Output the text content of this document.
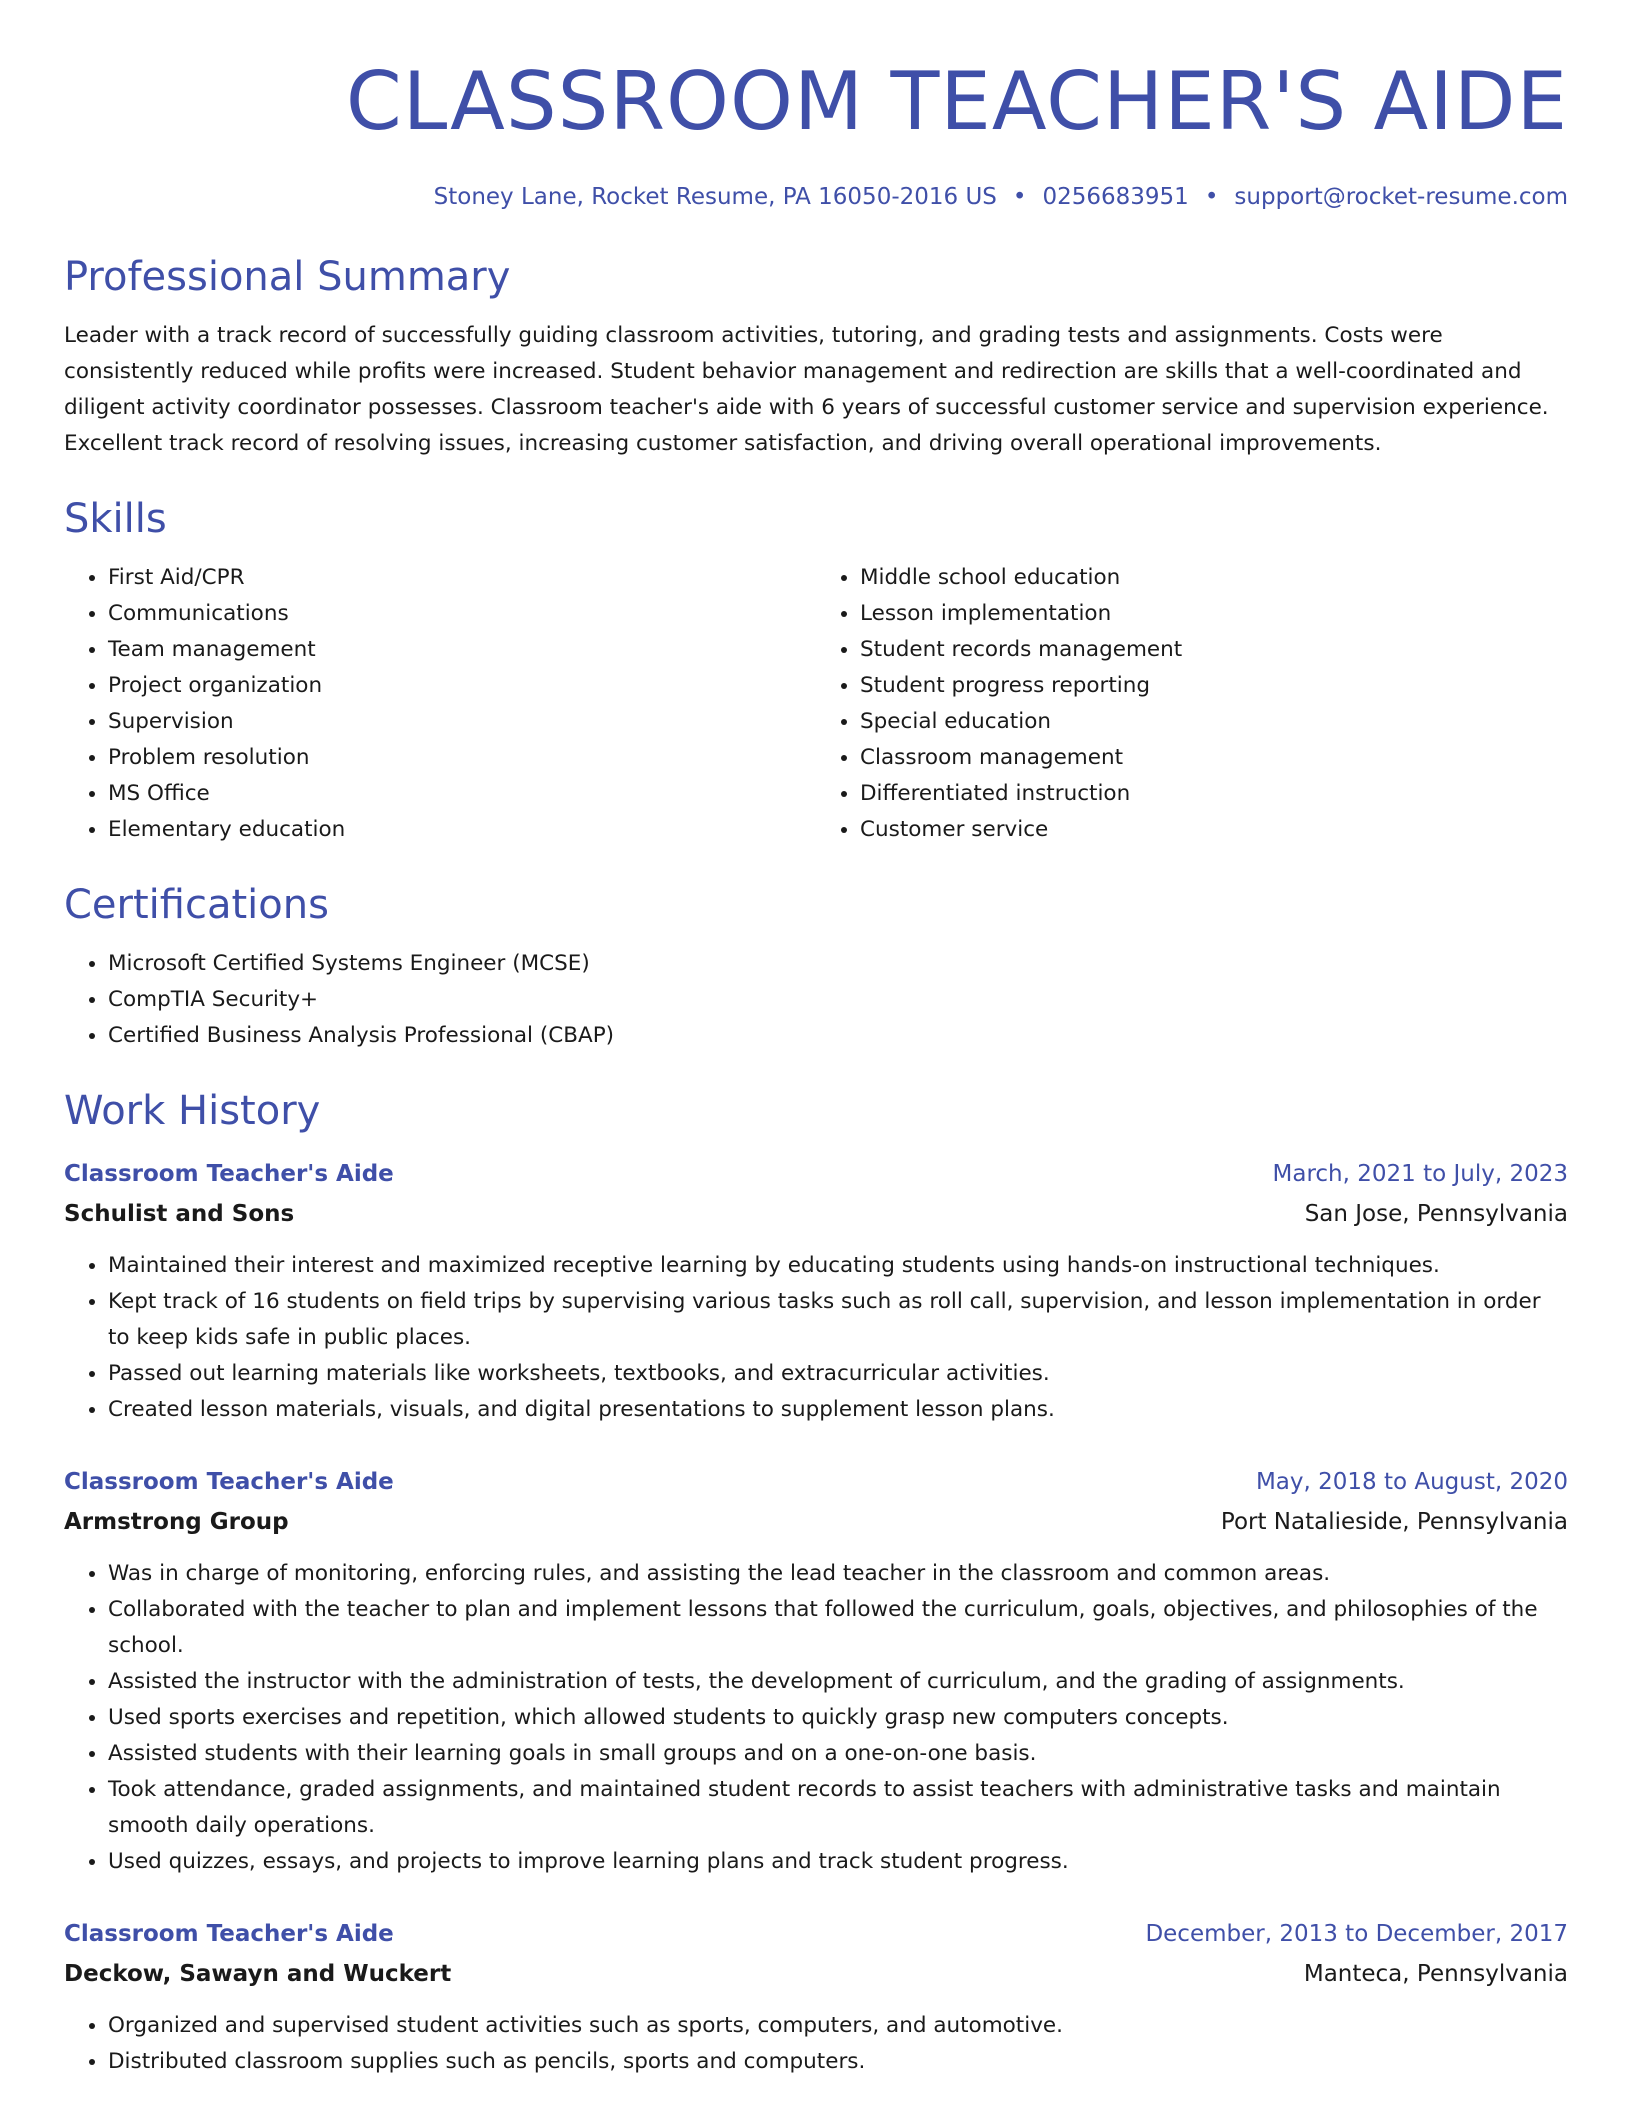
CLASSROOM TEACHER'S AIDE
Stoney Lane, Rocket Resume, PA 16050-2016 US • 0256683951 • support@rocket-resume.com
Professional Summary

Leader with a track record of successfully guiding classroom activities, tutoring, and grading tests and assignments. Costs were consistently reduced while profits were increased. Student behavior management and redirection are skills that a well-coordinated and diligent activity coordinator possesses. Classroom teacher's aide with 6 years of successful customer service and supervision experience. Excellent track record of resolving issues, increasing customer satisfaction, and driving overall operational improvements.

Skills
• First Aid/CPR
• Communications
• Team management
• Project organization
• Supervision
• Problem resolution
• MS Office
• Elementary education
• Middle school education
• Lesson implementation
• Student records management
• Student progress reporting
• Special education
• Classroom management
• Differentiated instruction
• Customer service
Certifications
• Microsoft Certified Systems Engineer (MCSE)
• CompTIA Security+
• Certified Business Analysis Professional (CBAP)
Work History
Classroom Teacher's Aide	March, 2021 to July, 2023
Schulist and Sons	San Jose, Pennsylvania
• Maintained their interest and maximized receptive learning by educating students using hands-on instructional techniques.
• Kept track of 16 students on field trips by supervising various tasks such as roll call, supervision, and lesson implementation in order to keep kids safe in public places.
• Passed out learning materials like worksheets, textbooks, and extracurricular activities.
• Created lesson materials, visuals, and digital presentations to supplement lesson plans.
Classroom Teacher's Aide	May, 2018 to August, 2020
Armstrong Group	Port Natalieside, Pennsylvania
• Was in charge of monitoring, enforcing rules, and assisting the lead teacher in the classroom and common areas.
• Collaborated with the teacher to plan and implement lessons that followed the curriculum, goals, objectives, and philosophies of the school.
• Assisted the instructor with the administration of tests, the development of curriculum, and the grading of assignments.
• Used sports exercises and repetition, which allowed students to quickly grasp new computers concepts.
• Assisted students with their learning goals in small groups and on a one-on-one basis.
• Took attendance, graded assignments, and maintained student records to assist teachers with administrative tasks and maintain smooth daily operations.
• Used quizzes, essays, and projects to improve learning plans and track student progress.
Classroom Teacher's Aide	December, 2013 to December, 2017
Deckow, Sawayn and Wuckert	Manteca, Pennsylvania
• Organized and supervised student activities such as sports, computers, and automotive.
• Distributed classroom supplies such as pencils, sports and computers.
